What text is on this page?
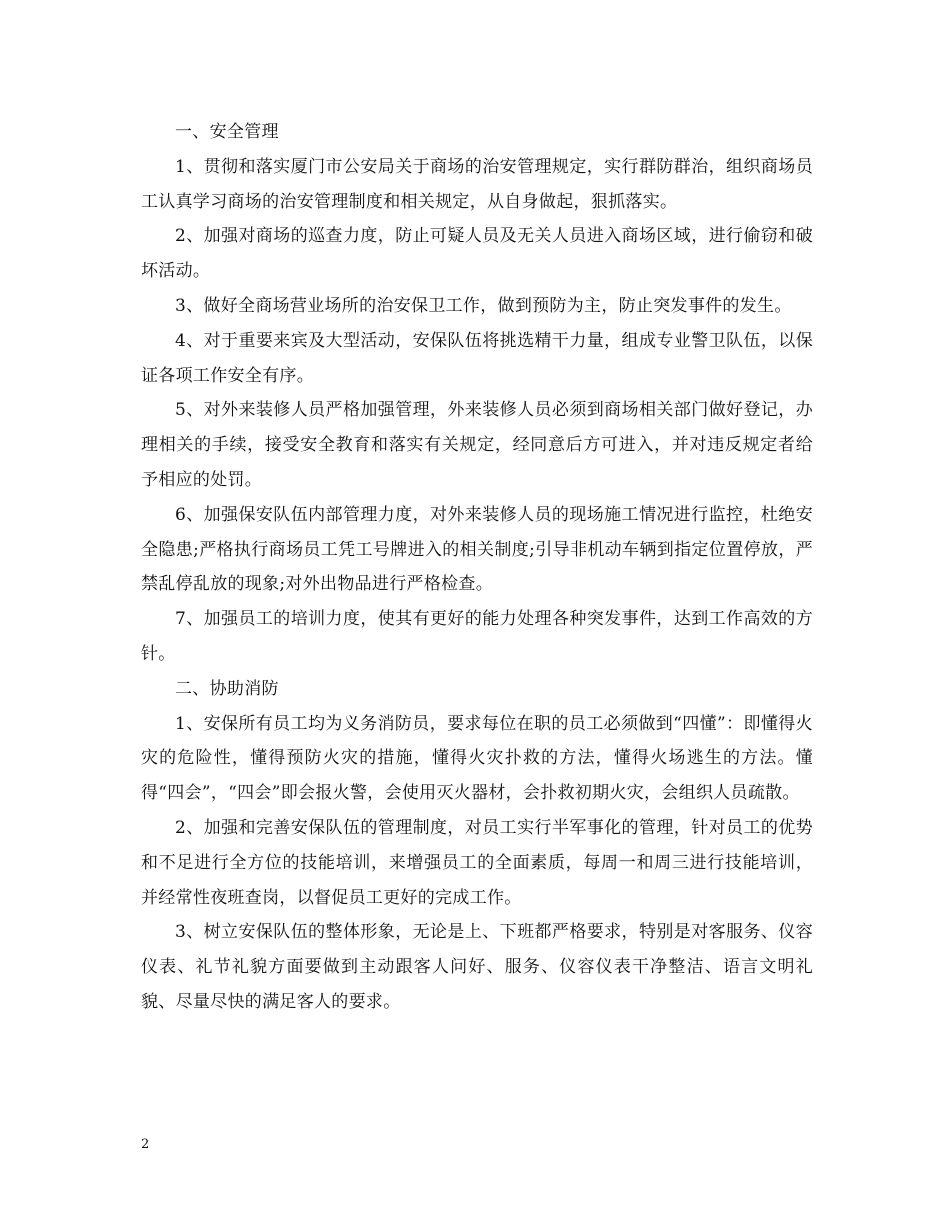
一、安全管理

1、贯彻和落实厦门市公安局关于商场的治安管理规定，实行群防群治，组织商场员工认真学习商场的治安管理制度和相关规定，从自身做起，狠抓落实。

2、加强对商场的巡查力度，防止可疑人员及无关人员进入商场区域，进行偷窃和破坏活动。

3、做好全商场营业场所的治安保卫工作，做到预防为主，防止突发事件的发生。

4、对于重要来宾及大型活动，安保队伍将挑选精干力量，组成专业警卫队伍，以保证各项工作安全有序。

5、对外来装修人员严格加强管理，外来装修人员必须到商场相关部门做好登记，办理相关的手续，接受安全教育和落实有关规定，经同意后方可进入，并对违反规定者给予相应的处罚。

6、加强保安队伍内部管理力度，对外来装修人员的现场施工情况进行监控，杜绝安全隐患;严格执行商场员工凭工号牌进入的相关制度;引导非机动车辆到指定位置停放，严禁乱停乱放的现象;对外出物品进行严格检查。

7、加强员工的培训力度，使其有更好的能力处理各种突发事件，达到工作高效的方针。

二、协助消防

1、安保所有员工均为义务消防员，要求每位在职的员工必须做到“四懂”：即懂得火灾的危险性，懂得预防火灾的措施，懂得火灾扑救的方法，懂得火场逃生的方法。懂得“四会”，“四会”即会报火警，会使用灭火器材，会扑救初期火灾，会组织人员疏散。

2、加强和完善安保队伍的管理制度，对员工实行半军事化的管理，针对员工的优势和不足进行全方位的技能培训，来增强员工的全面素质，每周一和周三进行技能培训，并经常性夜班查岗，以督促员工更好的完成工作。

3、树立安保队伍的整体形象，无论是上、下班都严格要求，特别是对客服务、仪容仪表、礼节礼貌方面要做到主动跟客人问好、服务、仪容仪表干净整洁、语言文明礼貌、尽量尽快的满足客人的要求。

2
